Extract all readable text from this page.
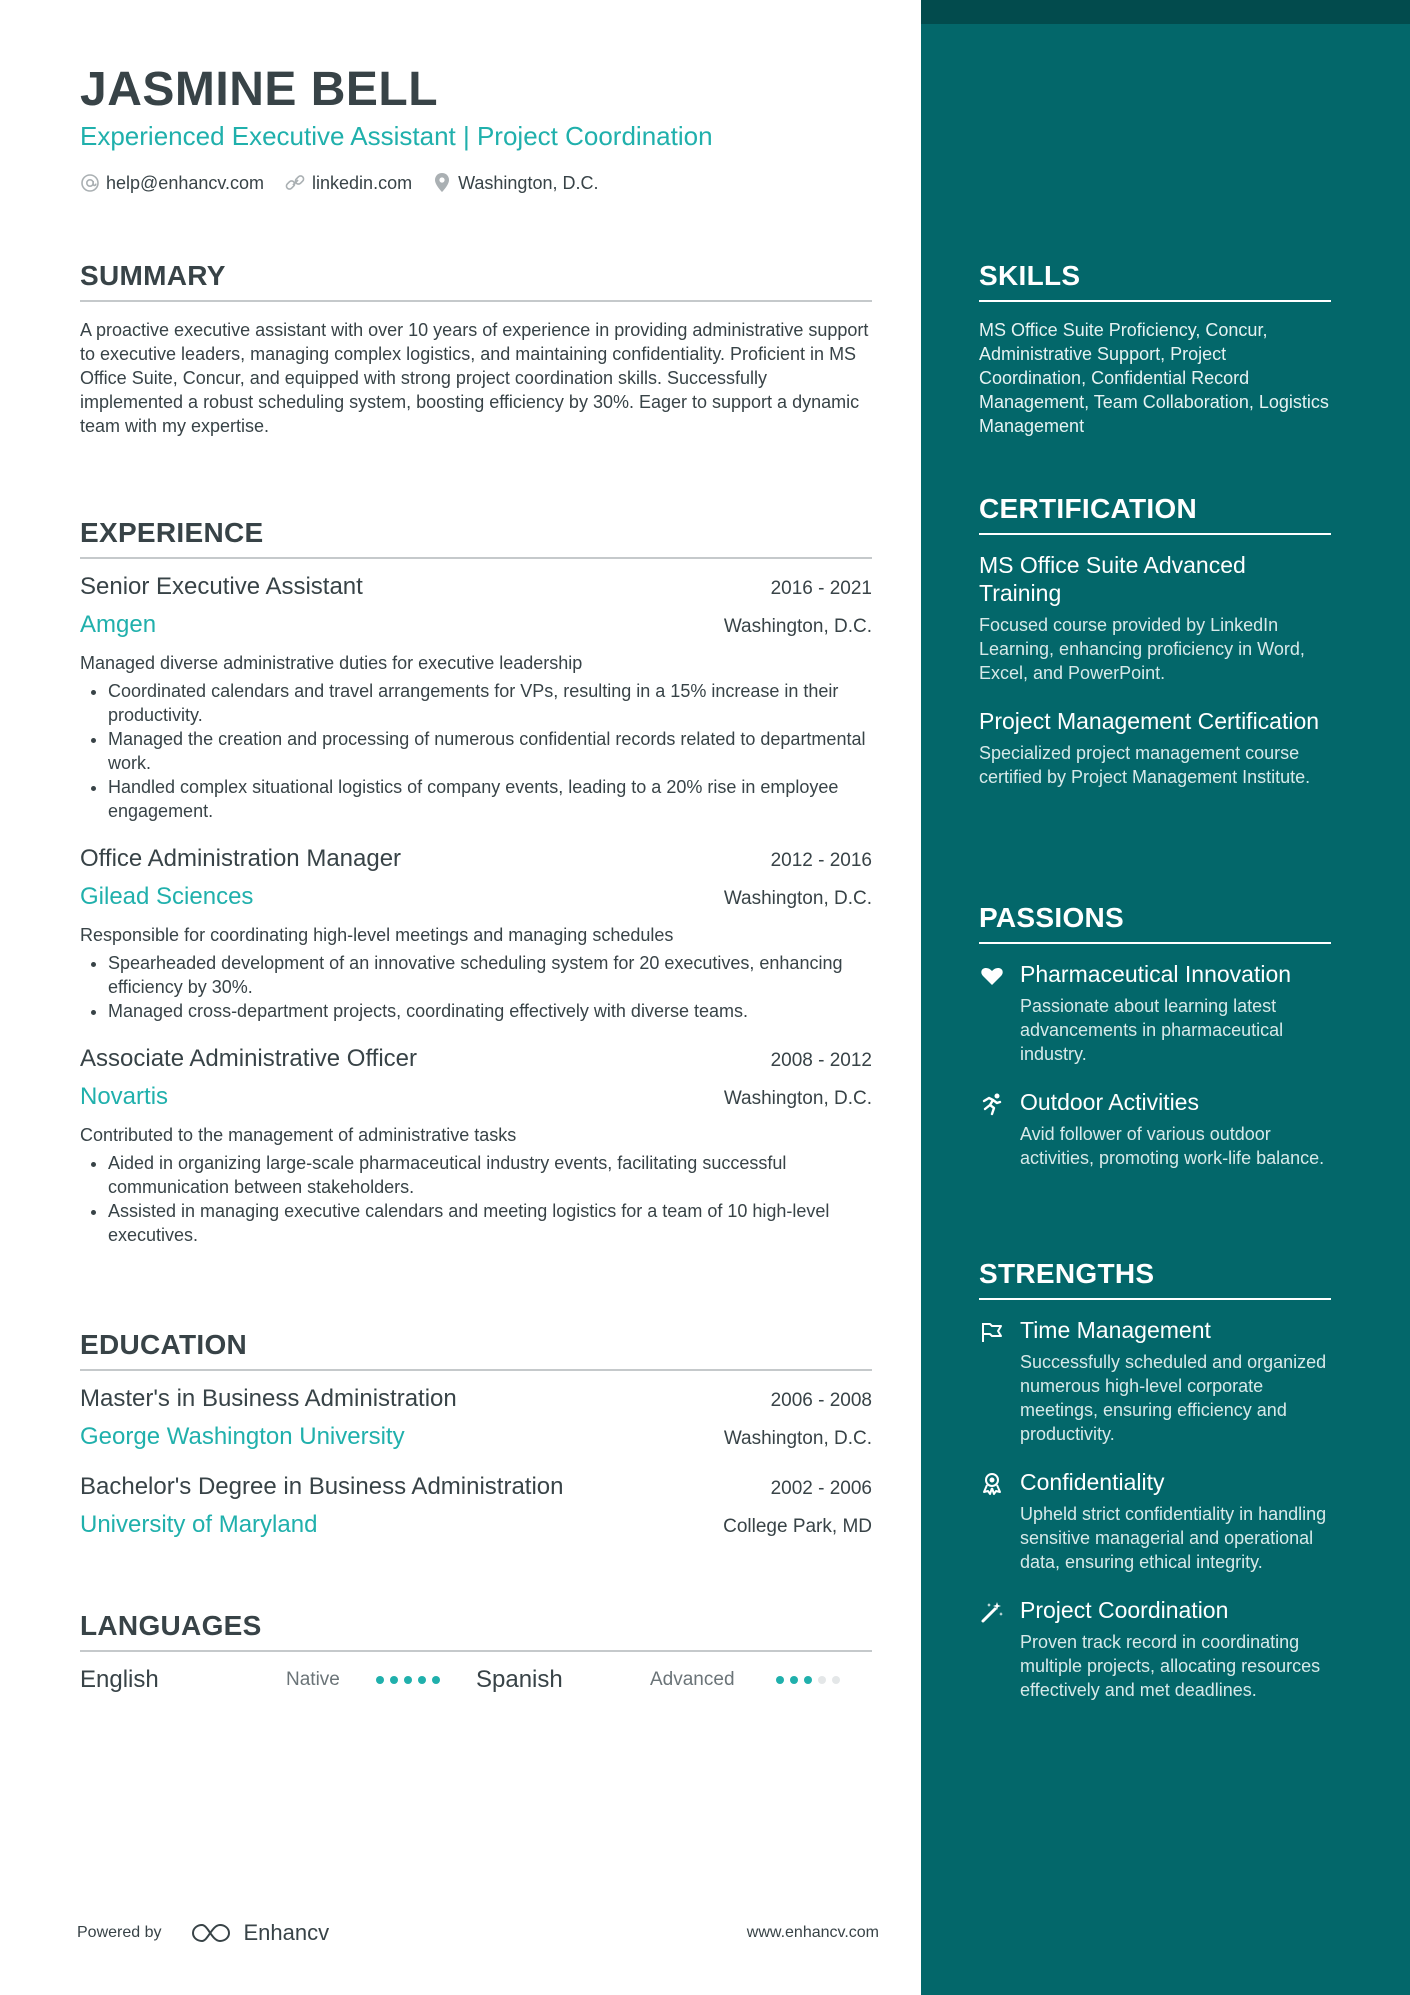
JASMINE BELL
Experienced Executive Assistant | Project Coordination
help@enhancv.com	linkedin.com	Washington, D.C.
SUMMARY
A proactive executive assistant with over 10 years of experience in providing administrative support to executive leaders, managing complex logistics, and maintaining confidentiality. Proficient in MS Office Suite, Concur, and equipped with strong project coordination skills. Successfully implemented a robust scheduling system, boosting efficiency by 30%. Eager to support a dynamic team with my expertise.
EXPERIENCE
Senior Executive Assistant	2016 - 2021
Amgen	Washington, D.C.
Managed diverse administrative duties for executive leadership
• Coordinated calendars and travel arrangements for VPs, resulting in a 15% increase in their productivity.
• Managed the creation and processing of numerous confidential records related to departmental work.
• Handled complex situational logistics of company events, leading to a 20% rise in employee engagement.
Office Administration Manager	2012 - 2016
Gilead Sciences	Washington, D.C.
Responsible for coordinating high-level meetings and managing schedules
• Spearheaded development of an innovative scheduling system for 20 executives, enhancing efficiency by 30%.
• Managed cross-department projects, coordinating effectively with diverse teams.
Associate Administrative Officer	2008 - 2012
Novartis	Washington, D.C.
Contributed to the management of administrative tasks
• Aided in organizing large-scale pharmaceutical industry events, facilitating successful communication between stakeholders.
• Assisted in managing executive calendars and meeting logistics for a team of 10 high-level executives.
EDUCATION
Master's in Business Administration	2006 - 2008
George Washington University	Washington, D.C.
Bachelor's Degree in Business Administration	2002 - 2006
University of Maryland	College Park, MD
LANGUAGES
English	Native	Spanish	Advanced
Powered by	Enhancv	www.enhancv.com
SKILLS
MS Office Suite Proficiency, Concur, Administrative Support, Project Coordination, Confidential Record Management, Team Collaboration, Logistics Management
CERTIFICATION
MS Office Suite Advanced Training
Focused course provided by LinkedIn Learning, enhancing proficiency in Word, Excel, and PowerPoint.
Project Management Certification
Specialized project management course certified by Project Management Institute.
PASSIONS
Pharmaceutical Innovation
Passionate about learning latest advancements in pharmaceutical industry.
Outdoor Activities
Avid follower of various outdoor activities, promoting work-life balance.
STRENGTHS
Time Management
Successfully scheduled and organized numerous high-level corporate meetings, ensuring efficiency and productivity.
Confidentiality
Upheld strict confidentiality in handling sensitive managerial and operational data, ensuring ethical integrity.
Project Coordination
Proven track record in coordinating multiple projects, allocating resources effectively and met deadlines.
